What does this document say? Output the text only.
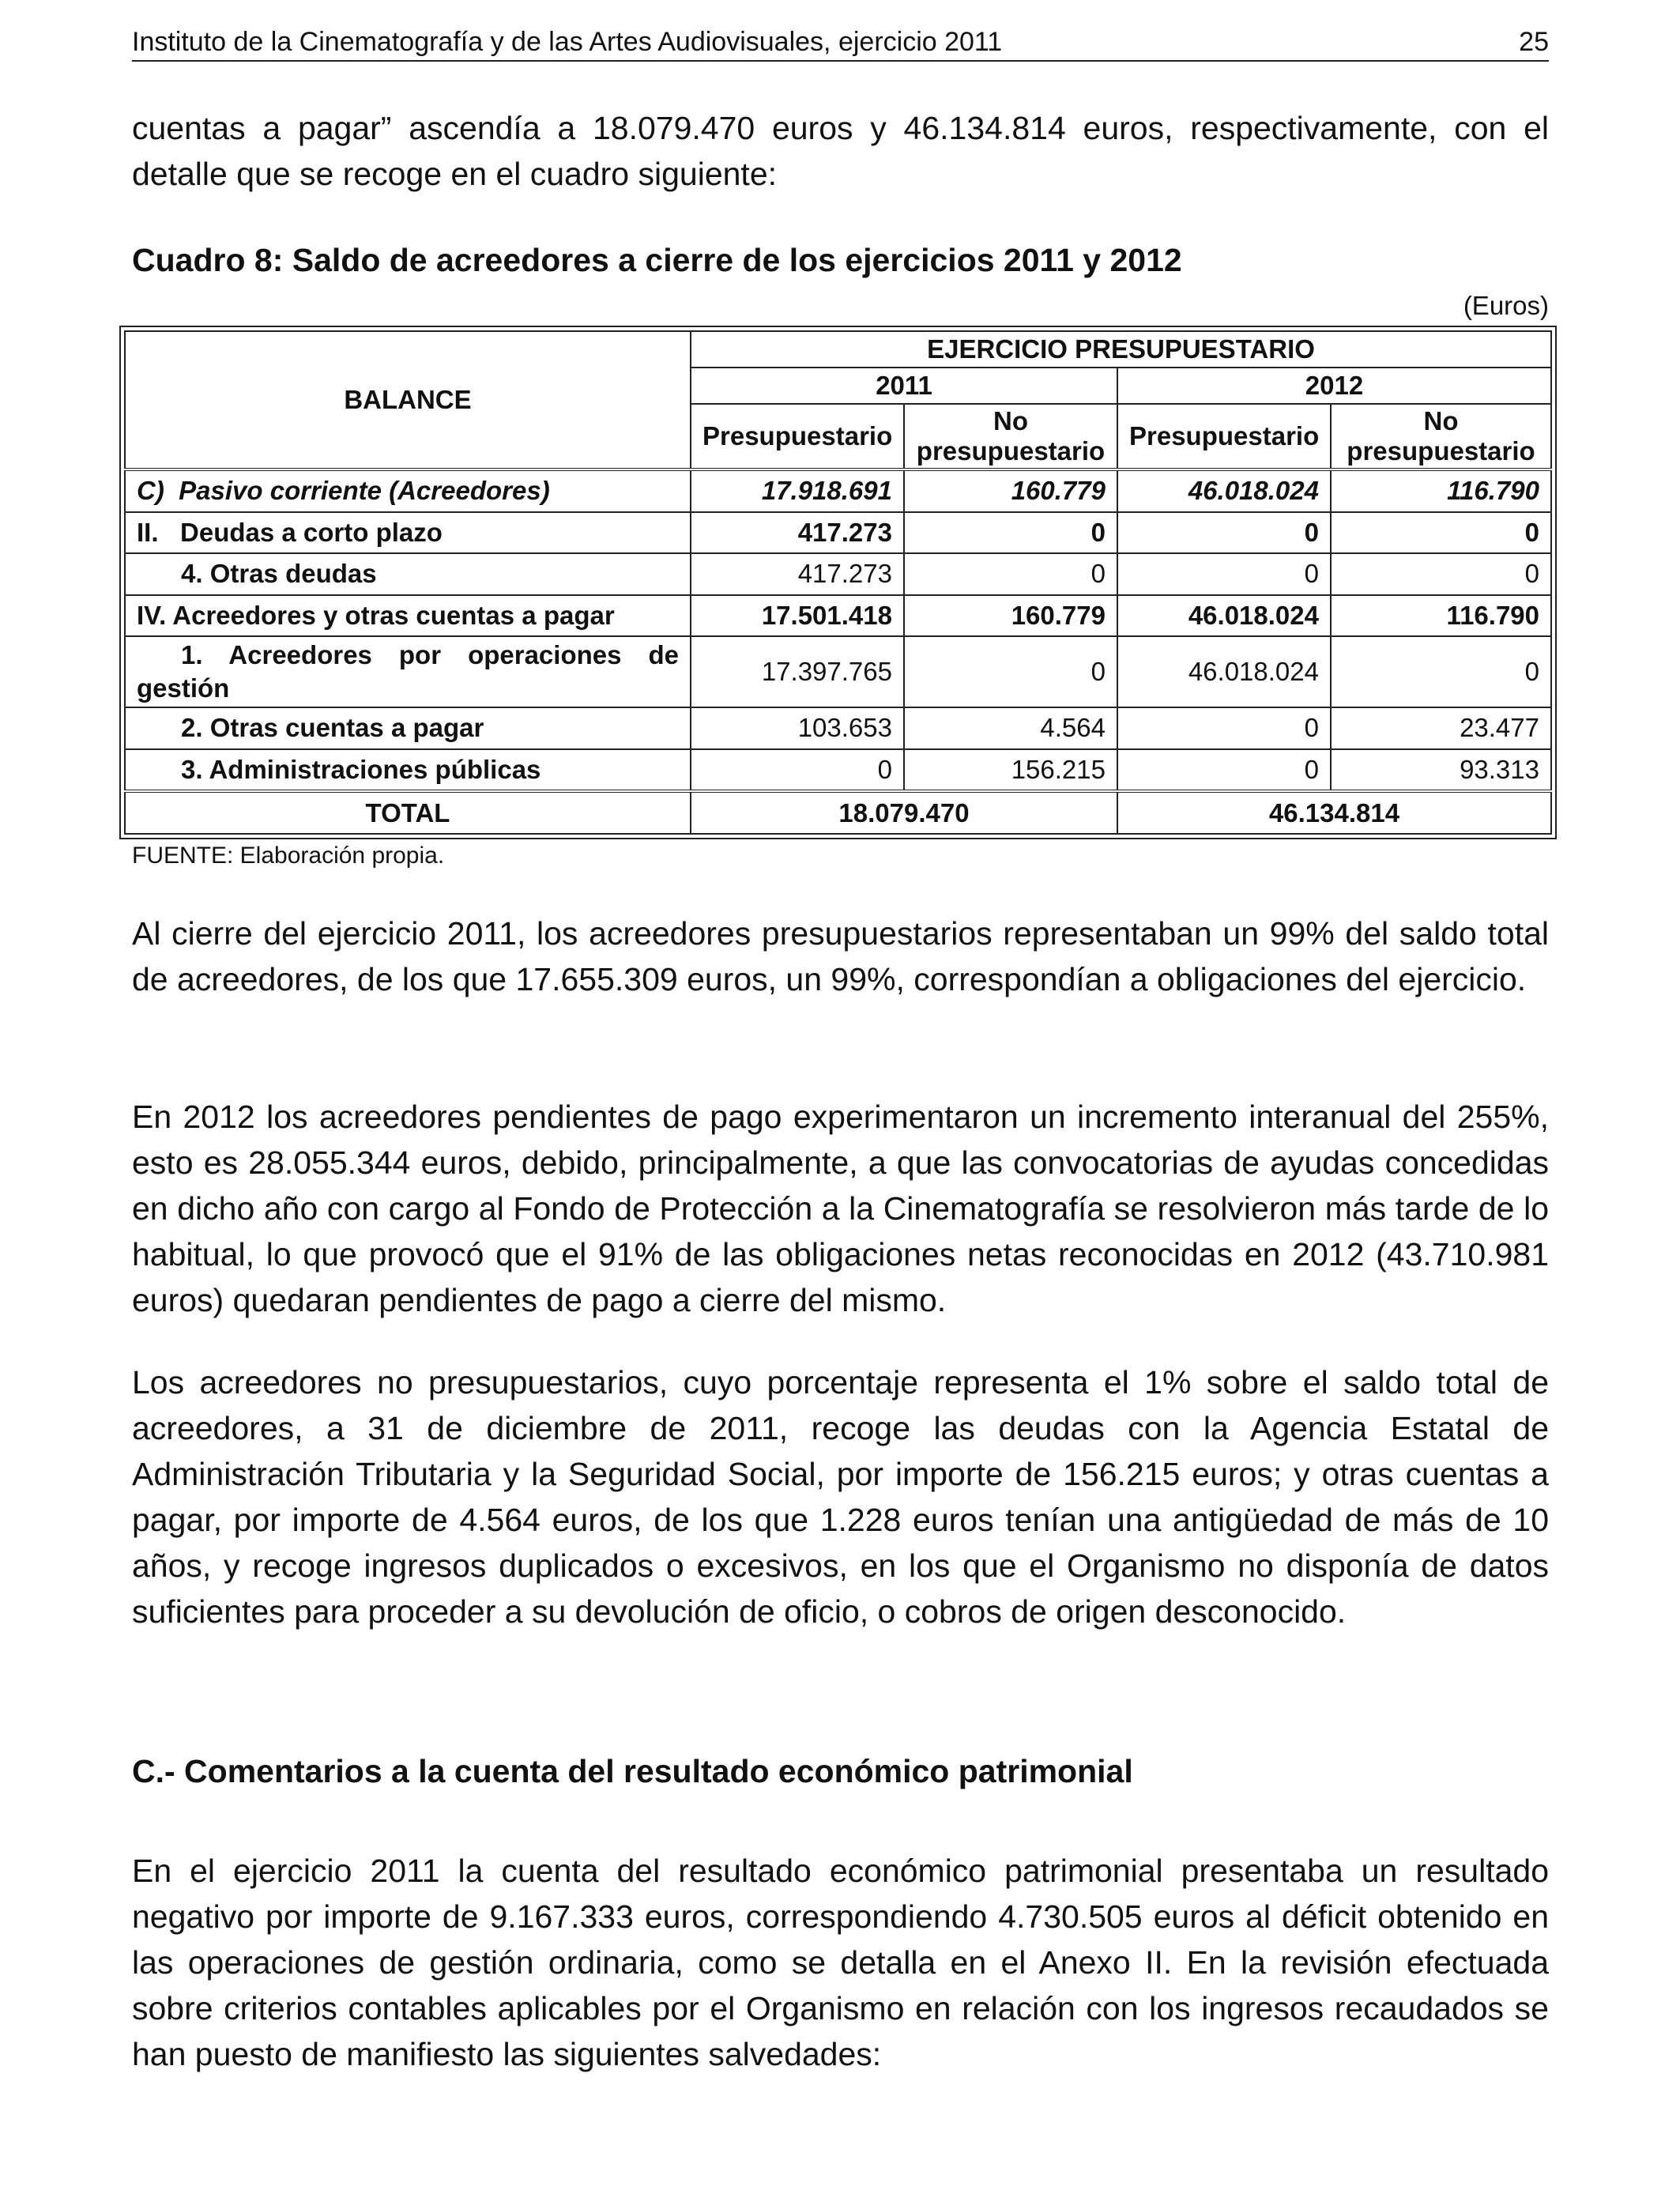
Instituto de la Cinematografía y de las Artes Audiovisuales, ejercicio 2011	25

cuentas a pagar” ascendía a 18.079.470 euros y 46.134.814 euros, respectivamente, con el detalle que se recoge en el cuadro siguiente:

Cuadro 8: Saldo de acreedores a cierre de los ejercicios 2011 y 2012
(Euros)
BALANCE	EJERCICIO PRESUPUESTARIO			
	2011		2012	
	Presupuestario	No presupuestario	Presupuestario	No presupuestario
C)  Pasivo corriente (Acreedores)	17.918.691	160.779	46.018.024	116.790
II.   Deudas a corto plazo	417.273	0	0	0
4. Otras deudas	417.273	0	0	0
IV. Acreedores y otras cuentas a pagar	17.501.418	160.779	46.018.024	116.790

1. Acreedores por operaciones de
gestión	17.397.765	0	46.018.024	0
2. Otras cuentas a pagar	103.653	4.564	0	23.477
3. Administraciones públicas	0	156.215	0	93.313
TOTAL	18.079.470		46.134.814	
FUENTE: Elaboración propia.

Al cierre del ejercicio 2011, los acreedores presupuestarios representaban un 99% del saldo total de acreedores, de los que 17.655.309 euros, un 99%, correspondían a obligaciones del ejercicio.

En 2012 los acreedores pendientes de pago experimentaron un incremento interanual del 255%, esto es 28.055.344 euros, debido, principalmente, a que las convocatorias de ayudas concedidas en dicho año con cargo al Fondo de Protección a la Cinematografía se resolvieron más tarde de lo habitual, lo que provocó que el 91% de las obligaciones netas reconocidas en 2012 (43.710.981 euros) quedaran pendientes de pago a cierre del mismo.

Los acreedores no presupuestarios, cuyo porcentaje representa el 1% sobre el saldo total de acreedores, a 31 de diciembre de 2011, recoge las deudas con la Agencia Estatal de Administración Tributaria y la Seguridad Social, por importe de 156.215 euros; y otras cuentas a pagar, por importe de 4.564 euros, de los que 1.228 euros tenían una antigüedad de más de 10 años, y recoge ingresos duplicados o excesivos, en los que el Organismo no disponía de datos suficientes para proceder a su devolución de oficio, o cobros de origen desconocido.

C.- Comentarios a la cuenta del resultado económico patrimonial

En el ejercicio 2011 la cuenta del resultado económico patrimonial presentaba un resultado negativo por importe de 9.167.333 euros, correspondiendo 4.730.505 euros al déficit obtenido en las operaciones de gestión ordinaria, como se detalla en el Anexo II. En la revisión efectuada sobre criterios contables aplicables por el Organismo en relación con los ingresos recaudados se han puesto de manifiesto las siguientes salvedades:
